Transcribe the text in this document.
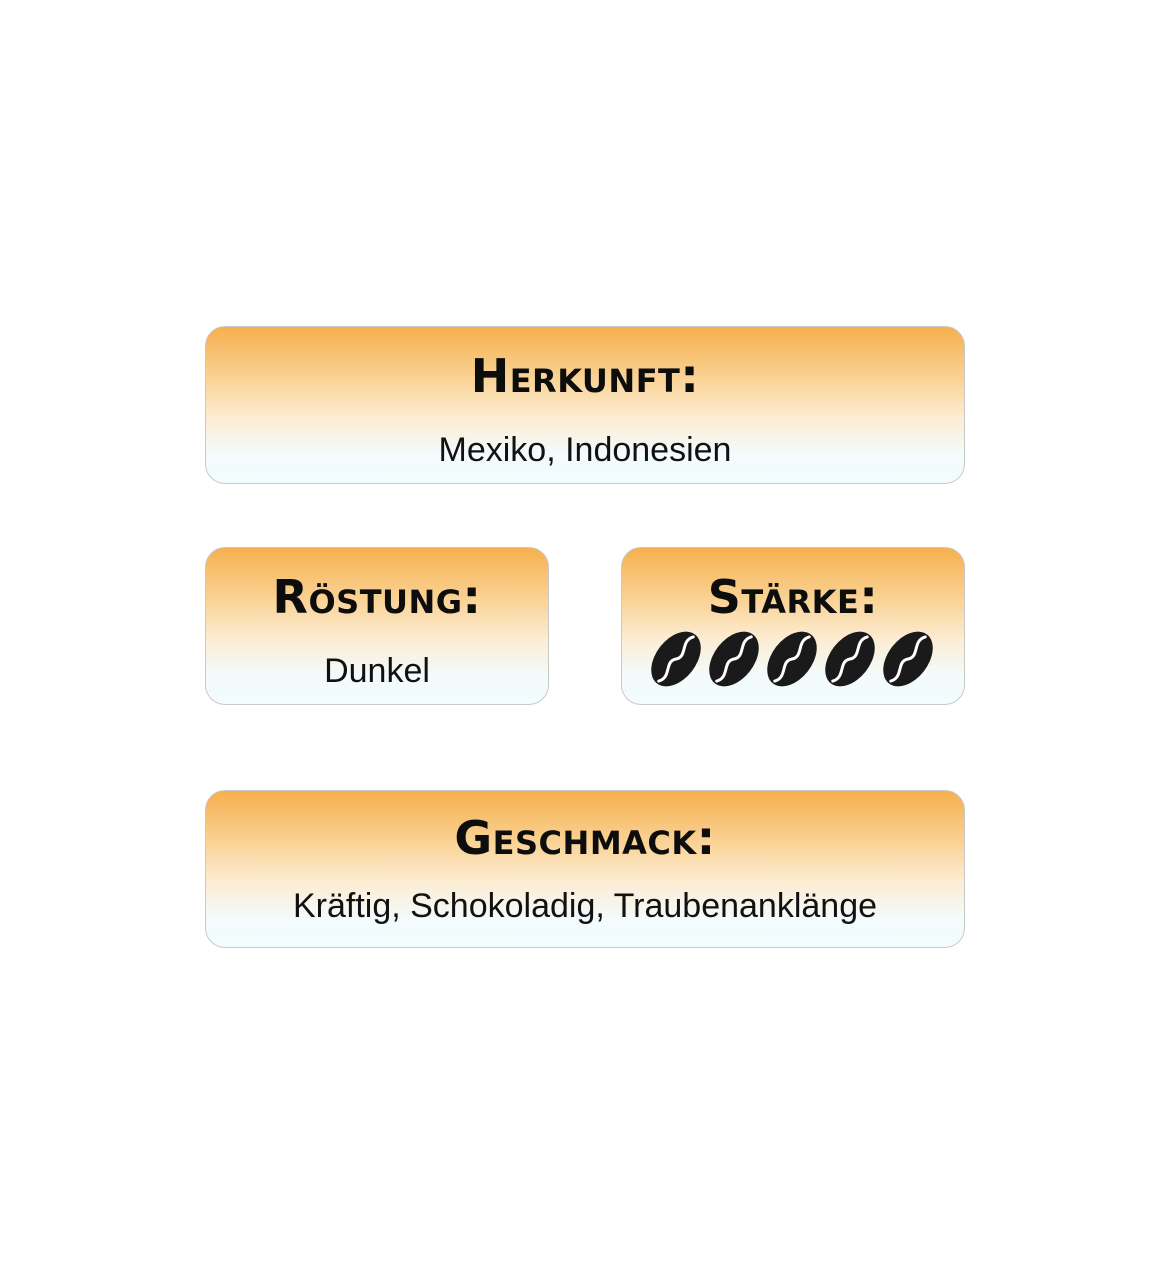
Herkunft:
Mexiko, Indonesien
Röstung:
Dunkel
Stärke:
Geschmack:
Kräftig, Schokoladig, Traubenanklänge
